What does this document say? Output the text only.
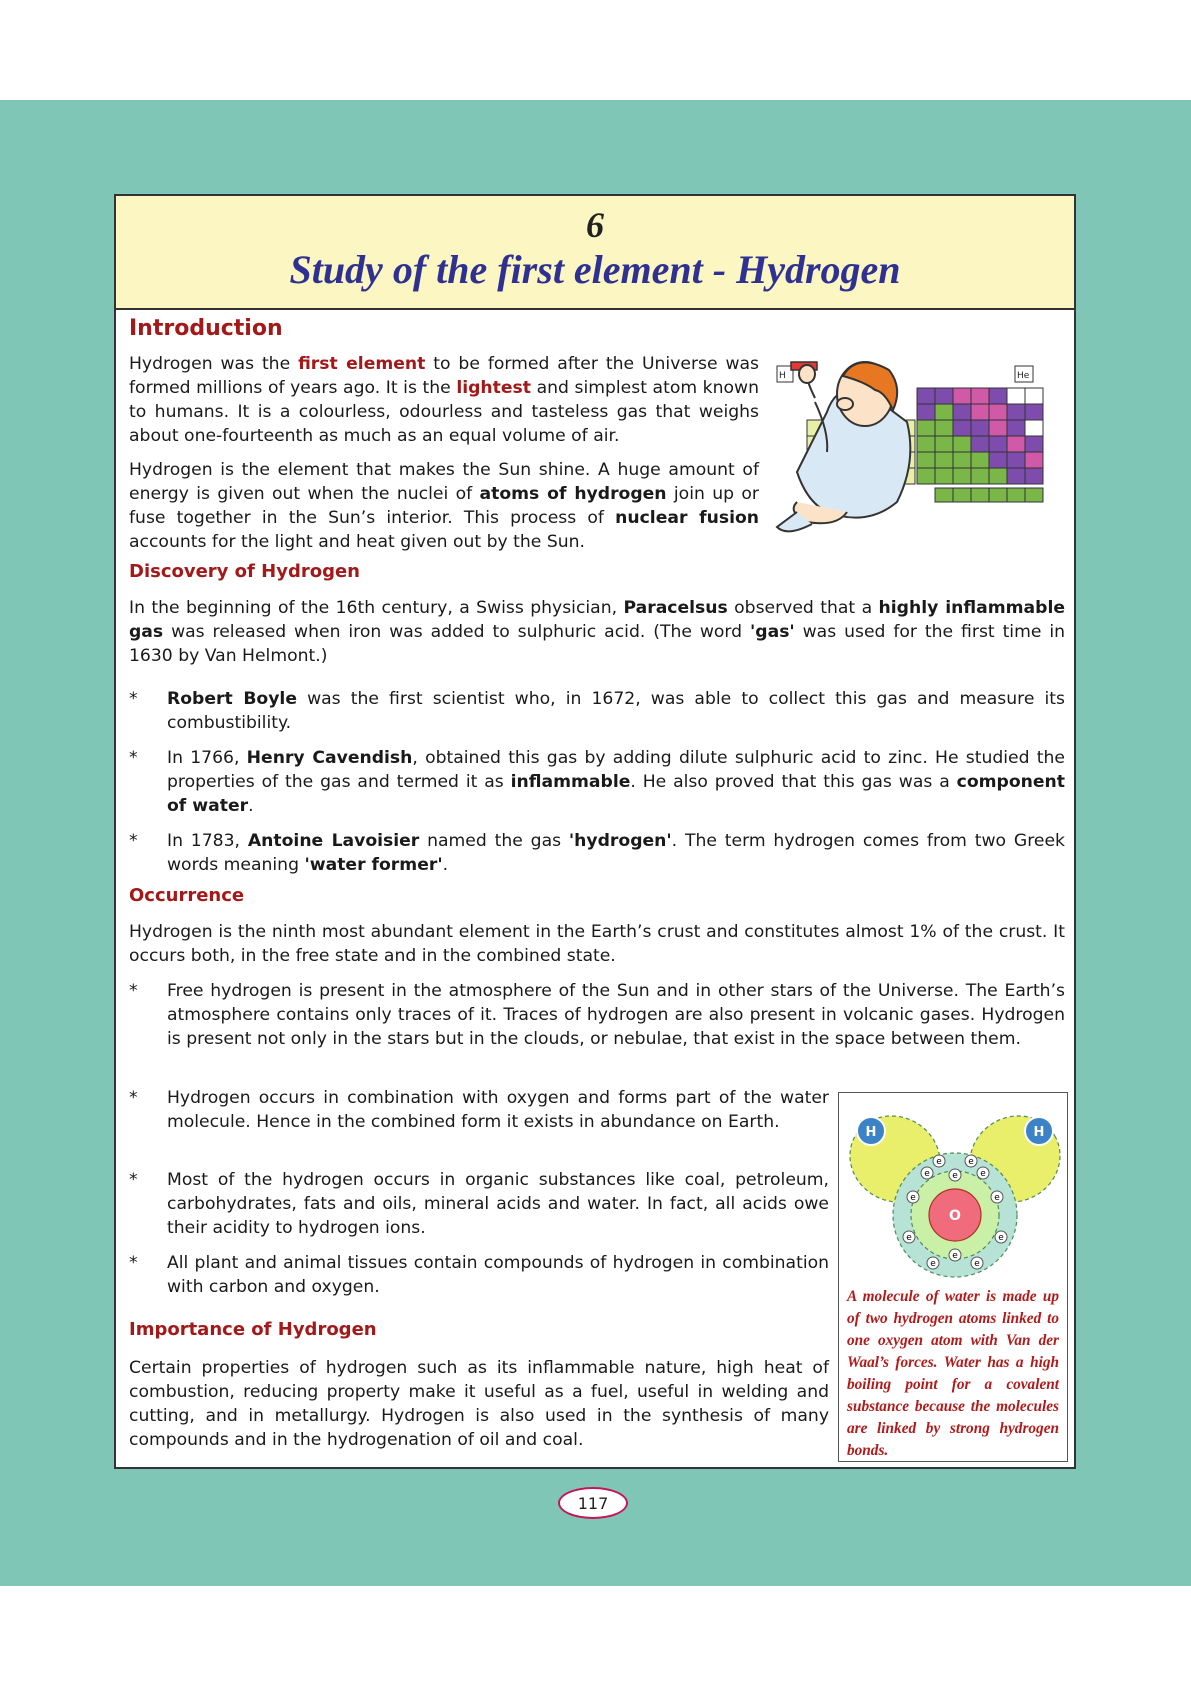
6
Study of the first element - Hydrogen
Introduction

Hydrogen was the first element to be formed after the Universe was formed millions of years ago. It is the lightest and simplest atom known to humans. It is a colourless, odourless and tasteless gas that weighs about one-fourteenth as much as an equal volume of air.

Hydrogen is the element that makes the Sun shine. A huge amount of energy is given out when the nuclei of atoms of hydrogen join up or fuse together in the Sun’s interior. This process of nuclear fusion accounts for the light and heat given out by the Sun.

H	He
Discovery of Hydrogen

In the beginning of the 16th century, a Swiss physician, Paracelsus observed that a highly inflammable gas was released when iron was added to sulphuric acid. (The word 'gas' was used for the first time in 1630 by Van Helmont.)

*	Robert Boyle was the first scientist who, in 1672, was able to collect this gas and measure its combustibility.
*	In 1766, Henry Cavendish, obtained this gas by adding dilute sulphuric acid to zinc. He studied the properties of the gas and termed it as inflammable. He also proved that this gas was a component of water.
*	In 1783, Antoine Lavoisier named the gas 'hydrogen'. The term hydrogen comes from two Greek words meaning 'water former'.
Occurrence

Hydrogen is the ninth most abundant element in the Earth’s crust and constitutes almost 1% of the crust. It occurs both, in the free state and in the combined state.

*	Free hydrogen is present in the atmosphere of the Sun and in other stars of the Universe. The Earth’s atmosphere contains only traces of it. Traces of hydrogen are also present in volcanic gases. Hydrogen is present not only in the stars but in the clouds, or nebulae, that exist in the space between them.
*	Hydrogen occurs in combination with oxygen and forms part of the water molecule. Hence in the combined form it exists in abundance on Earth.
*	Most of the hydrogen occurs in organic substances like coal, petroleum, carbohydrates, fats and oils, mineral acids and water. In fact, all acids owe their acidity to hydrogen ions.
*	All plant and animal tissues contain compounds of hydrogen in combination with carbon and oxygen.
Importance of Hydrogen

Certain properties of hydrogen such as its inflammable nature, high heat of combustion, reducing property make it useful as a fuel, useful in welding and cutting, and in metallurgy. Hydrogen is also used in the synthesis of many compounds and in the hydrogenation of oil and coal.

O
H	H
e
e	e
e
e	e
e	e
e	e
e
e
A molecule of water is made up of two hydrogen atoms linked to one oxygen atom with Van der Waal’s forces. Water has a high boiling point for a covalent substance because the molecules are linked by strong hydrogen bonds.
117
